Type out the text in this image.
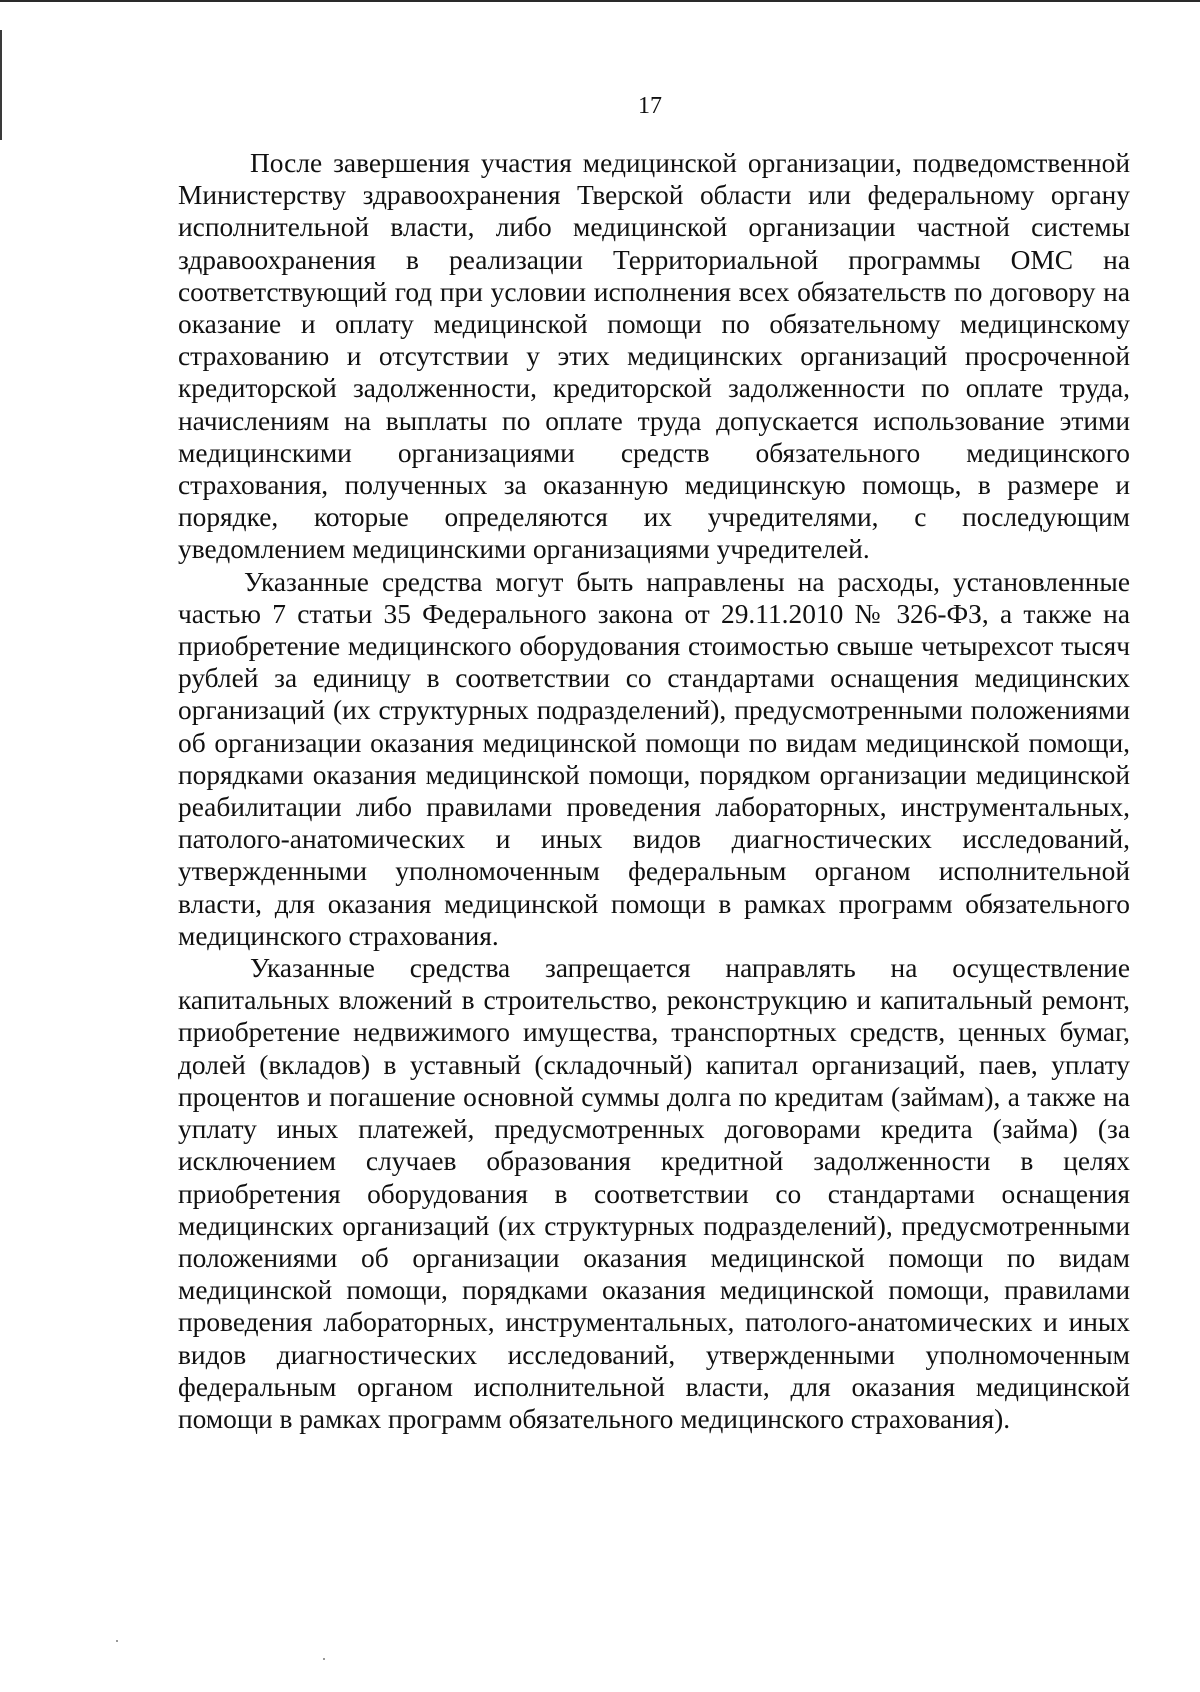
17

После завершения участия медицинской организации, подведомственной Министерству здравоохранения Тверской области или федеральному органу исполнительной власти, либо медицинской организации частной системы здравоохранения в реализации Территориальной программы ОМС на соответствующий год при условии исполнения всех обязательств по договору на оказание и оплату медицинской помощи по обязательному медицинскому страхованию и отсутствии у этих медицинских организаций просроченной кредиторской задолженности, кредиторской задолженности по оплате труда, начислениям на выплаты по оплате труда допускается использование этими медицинскими организациями средств обязательного медицинского страхования, полученных за оказанную медицинскую помощь, в размере и порядке, которые определяются их учредителями, с последующим уведомлением медицинскими организациями учредителей.

Указанные средства могут быть направлены на расходы, установленные частью 7 статьи 35 Федерального закона от 29.11.2010 № 326-ФЗ, а также на приобретение медицинского оборудования стоимостью свыше четырехсот тысяч рублей за единицу в соответствии со стандартами оснащения медицинских организаций (их структурных подразделений), предусмотренными положениями об организации оказания медицинской помощи по видам медицинской помощи, порядками оказания медицинской помощи, порядком организации медицинской реабилитации либо правилами проведения лабораторных, инструментальных, патолого-анатомических и иных видов диагностических исследований, утвержденными уполномоченным федеральным органом исполнительной власти, для оказания медицинской помощи в рамках программ обязательного медицинского страхования.

Указанные средства запрещается направлять на осуществление капитальных вложений в строительство, реконструкцию и капитальный ремонт, приобретение недвижимого имущества, транспортных средств, ценных бумаг, долей (вкладов) в уставный (складочный) капитал организаций, паев, уплату процентов и погашение основной суммы долга по кредитам (займам), а также на уплату иных платежей, предусмотренных договорами кредита (займа) (за исключением случаев образования кредитной задолженности в целях приобретения оборудования в соответствии со стандартами оснащения медицинских организаций (их структурных подразделений), предусмотренными положениями об организации оказания медицинской помощи по видам медицинской помощи, порядками оказания медицинской помощи, правилами проведения лабораторных, инструментальных, патолого-анатомических и иных видов диагностических исследований, утвержденными уполномоченным федеральным органом исполнительной власти, для оказания медицинской помощи в рамках программ обязательного медицинского страхования).
